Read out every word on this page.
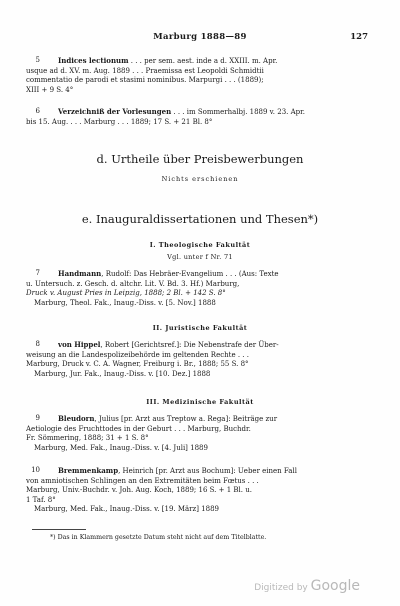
Marburg 1888—89	127
5	Indices lectionum . . . per sem. aest. inde a d. XXIII. m. Apr.
usque ad d. XV. m. Aug. 1889 . . . Praemissa est Leopoldi Schmidtii
commentatio de parodi et stasimi nominibus. Marpurgi . . . (1889);
XIII + 9 S. 4°
6	Verzeichniß der Vorlesungen . . . im Sommerhalbj. 1889 v. 23. Apr.
bis 15. Aug. . . . Marburg . . . 1889; 17 S. + 21 Bl. 8°
d. Urtheile über Preisbewerbungen
Nichts erschienen
e. Inauguraldissertationen und Thesen*)
I. Theologische Fakultät
Vgl. unter f Nr. 71
7	Handmann, Rudolf: Das Hebräer-Evangelium . . . (Aus: Texte
u. Untersuch. z. Gesch. d. altchr. Lit. V. Bd. 3. Hf.) Marburg,
Druck v. August Pries in Leipzig, 1888; 2 Bl. + 142 S. 8°
Marburg, Theol. Fak., Inaug.-Diss. v. [5. Nov.] 1888
II. Juristische Fakultät
8	von Hippel, Robert [Gerichtsref.]: Die Nebenstrafe der Über-
weisung an die Landespolizeibehörde im geltenden Rechte . . .
Marburg, Druck v. C. A. Wagner, Freiburg i. Br., 1888; 55 S. 8°
Marburg, Jur. Fak., Inaug.-Diss. v. [10. Dez.] 1888
III. Medizinische Fakultät
9	Bleudorn, Julius [pr. Arzt aus Treptow a. Rega]: Beiträge zur
Aetiologie des Fruchttodes in der Geburt . . . Marburg, Buchdr.
Fr. Sömmering, 1888; 31 + 1 S. 8°
Marburg, Med. Fak., Inaug.-Diss. v. [4. Juli] 1889
10	Bremmenkamp, Heinrich [pr. Arzt aus Bochum]: Ueber einen Fall
von amniotischen Schlingen an den Extremitäten beim Fœtus . . .
Marburg, Univ.-Buchdr. v. Joh. Aug. Koch, 1889; 16 S. + 1 Bl. u.
1 Taf. 8°
Marburg, Med. Fak., Inaug.-Diss. v. [19. März] 1889
*) Das in Klammern gesetzte Datum steht nicht auf dem Titelblatte.
Digitized by Google
